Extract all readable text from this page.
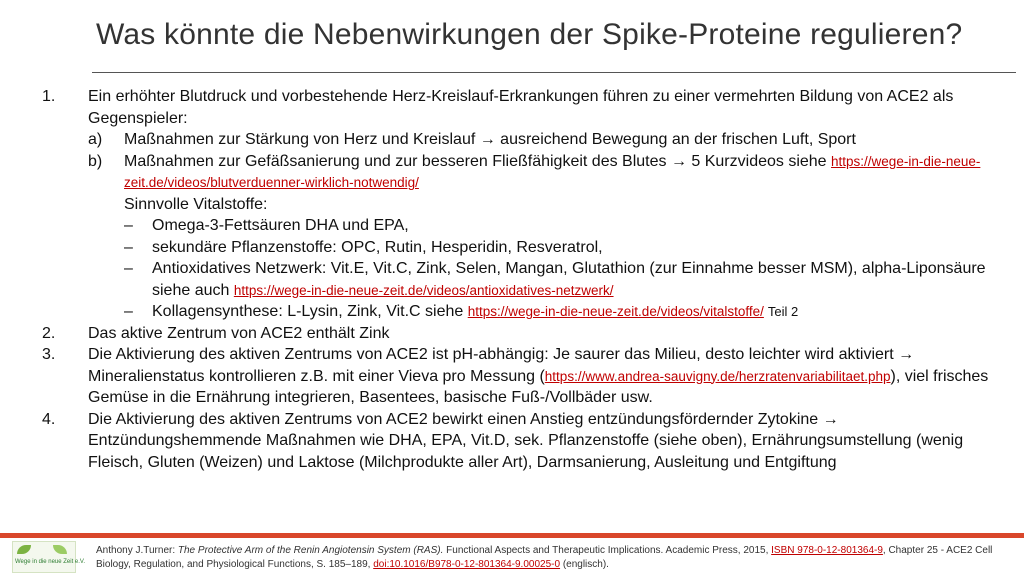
Was könnte die Nebenwirkungen der Spike-Proteine regulieren?
1.	Ein erhöhter Blutdruck und vorbestehende Herz-Kreislauf-Erkrankungen führen zu einer vermehrten Bildung von ACE2 als Gegenspieler:
a) Maßnahmen zur Stärkung von Herz und Kreislauf → ausreichend Bewegung an der frischen Luft, Sport
b) Maßnahmen zur Gefäßsanierung und zur besseren Fließfähigkeit des Blutes → 5 Kurzvideos siehe https://wege-in-die-neue-zeit.de/videos/blutverduenner-wirklich-notwendig/
Sinnvolle Vitalstoffe:
– Omega-3-Fettsäuren DHA und EPA,
– sekundäre Pflanzenstoffe: OPC, Rutin, Hesperidin, Resveratrol,
– Antioxidatives Netzwerk: Vit.E, Vit.C, Zink, Selen, Mangan, Glutathion (zur Einnahme besser MSM), alpha-Liponsäure siehe auch https://wege-in-die-neue-zeit.de/videos/antioxidatives-netzwerk/
– Kollagensynthese: L-Lysin, Zink, Vit.C siehe https://wege-in-die-neue-zeit.de/videos/vitalstoffe/ Teil 2
2.	Das aktive Zentrum von ACE2 enthält Zink
3.	Die Aktivierung des aktiven Zentrums von ACE2 ist pH-abhängig: Je saurer das Milieu, desto leichter wird aktiviert → Mineralienstatus kontrollieren z.B. mit einer Vieva pro Messung (https://www.andrea-sauvigny.de/herzratenvariabilitaet.php), viel frisches Gemüse in die Ernährung integrieren, Basentees, basische Fuß-/Vollbäder usw.
4.	Die Aktivierung des aktiven Zentrums von ACE2 bewirkt einen Anstieg entzündungsfördernder Zytokine → Entzündungshemmende Maßnahmen wie DHA, EPA, Vit.D, sek. Pflanzenstoffe (siehe oben), Ernährungsumstellung (wenig Fleisch, Gluten (Weizen) und Laktose (Milchprodukte aller Art), Darmsanierung, Ausleitung und Entgiftung
Wege in die neue Zeit e.V.
Anthony J.Turner: The Protective Arm of the Renin Angiotensin System (RAS). Functional Aspects and Therapeutic Implications. Academic Press, 2015, ISBN 978-0-12-801364-9, Chapter 25 - ACE2 Cell Biology, Regulation, and Physiological Functions, S. 185–189, doi:10.1016/B978-0-12-801364-9.00025-0 (englisch).
